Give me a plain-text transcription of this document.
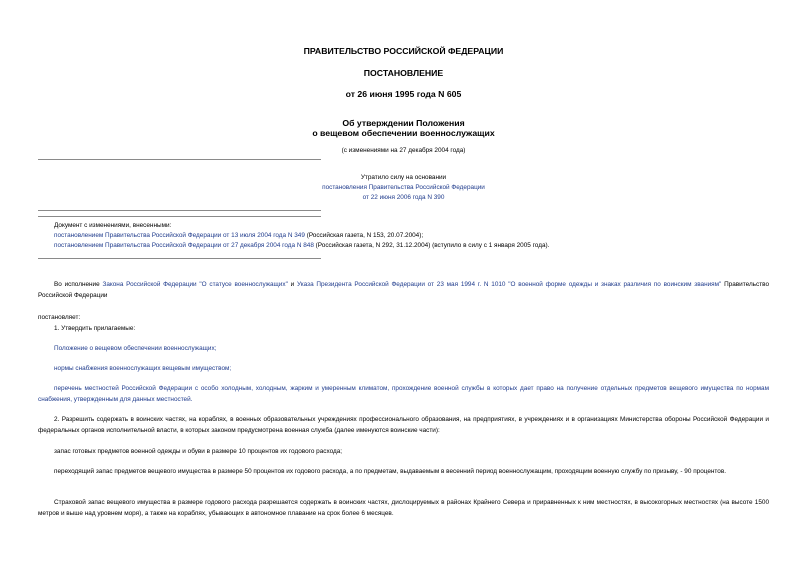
ПРАВИТЕЛЬСТВО РОССИЙСКОЙ ФЕДЕРАЦИИ
ПОСТАНОВЛЕНИЕ
от 26 июня 1995 года N 605
Об утверждении Положения
о вещевом обеспечении военнослужащих
(с изменениями на 27 декабря 2004 года)
Утратило силу на основании
постановления Правительства Российской Федерации
от 22 июня 2006 года N 390
Документ с изменениями, внесенными:
постановлением Правительства Российской Федерации от 13 июля 2004 года N 349 (Российская газета, N 153, 20.07.2004);
постановлением Правительства Российской Федерации от 27 декабря 2004 года N 848 (Российская газета, N 292, 31.12.2004) (вступило в силу с 1 января 2005 года).
Во исполнение Закона Российской Федерации "О статусе военнослужащих" и Указа Президента Российской Федерации от 23 мая 1994 г. N 1010 "О военной форме одежды и знаках различия по воинским званиям" Правительство Российской Федерации
постановляет:
1. Утвердить прилагаемые:
Положение о вещевом обеспечении военнослужащих;
нормы снабжения военнослужащих вещевым имуществом;
перечень местностей Российской Федерации с особо холодным, холодным, жарким и умеренным климатом, прохождение военной службы в которых дает право на получение отдельных предметов вещевого имущества по нормам снабжения, утвержденным для данных местностей.
2. Разрешить содержать в воинских частях, на кораблях, в военных образовательных учреждениях профессионального образования, на предприятиях, в учреждениях и в организациях Министерства обороны Российской Федерации и федеральных органов исполнительной власти, в которых законом предусмотрена военная служба (далее именуются воинские части):
запас готовых предметов военной одежды и обуви в размере 10 процентов их годового расхода;
переходящий запас предметов вещевого имущества в размере 50 процентов их годового расхода, а по предметам, выдаваемым в весенний период военнослужащим, проходящим военную службу по призыву, - 90 процентов.
Страховой запас вещевого имущества в размере годового расхода разрешается содержать в воинских частях, дислоцируемых в районах Крайнего Севера и приравненных к ним местностях, в высокогорных местностях (на высоте 1500 метров и выше над уровнем моря), а также на кораблях, убывающих в автономное плавание на срок более 6 месяцев.
